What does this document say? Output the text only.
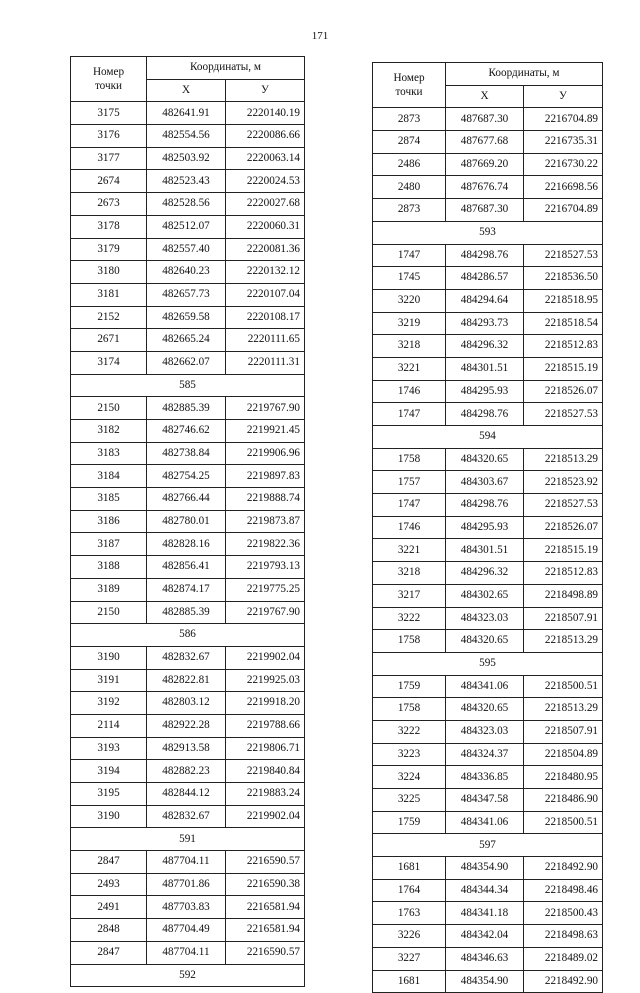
171
Номер
точки	Координаты, м	
	X	У
3175	482641.91	2220140.19
3176	482554.56	2220086.66
3177	482503.92	2220063.14
2674	482523.43	2220024.53
2673	482528.56	2220027.68
3178	482512.07	2220060.31
3179	482557.40	2220081.36
3180	482640.23	2220132.12
3181	482657.73	2220107.04
2152	482659.58	2220108.17
2671	482665.24	2220111.65
3174	482662.07	2220111.31
585		
2150	482885.39	2219767.90
3182	482746.62	2219921.45
3183	482738.84	2219906.96
3184	482754.25	2219897.83
3185	482766.44	2219888.74
3186	482780.01	2219873.87
3187	482828.16	2219822.36
3188	482856.41	2219793.13
3189	482874.17	2219775.25
2150	482885.39	2219767.90
586		
3190	482832.67	2219902.04
3191	482822.81	2219925.03
3192	482803.12	2219918.20
2114	482922.28	2219788.66
3193	482913.58	2219806.71
3194	482882.23	2219840.84
3195	482844.12	2219883.24
3190	482832.67	2219902.04
591		
2847	487704.11	2216590.57
2493	487701.86	2216590.38
2491	487703.83	2216581.94
2848	487704.49	2216581.94
2847	487704.11	2216590.57
592		
Номер
точки	Координаты, м	
	X	У
2873	487687.30	2216704.89
2874	487677.68	2216735.31
2486	487669.20	2216730.22
2480	487676.74	2216698.56
2873	487687.30	2216704.89
593		
1747	484298.76	2218527.53
1745	484286.57	2218536.50
3220	484294.64	2218518.95
3219	484293.73	2218518.54
3218	484296.32	2218512.83
3221	484301.51	2218515.19
1746	484295.93	2218526.07
1747	484298.76	2218527.53
594		
1758	484320.65	2218513.29
1757	484303.67	2218523.92
1747	484298.76	2218527.53
1746	484295.93	2218526.07
3221	484301.51	2218515.19
3218	484296.32	2218512.83
3217	484302.65	2218498.89
3222	484323.03	2218507.91
1758	484320.65	2218513.29
595		
1759	484341.06	2218500.51
1758	484320.65	2218513.29
3222	484323.03	2218507.91
3223	484324.37	2218504.89
3224	484336.85	2218480.95
3225	484347.58	2218486.90
1759	484341.06	2218500.51
597		
1681	484354.90	2218492.90
1764	484344.34	2218498.46
1763	484341.18	2218500.43
3226	484342.04	2218498.63
3227	484346.63	2218489.02
1681	484354.90	2218492.90
